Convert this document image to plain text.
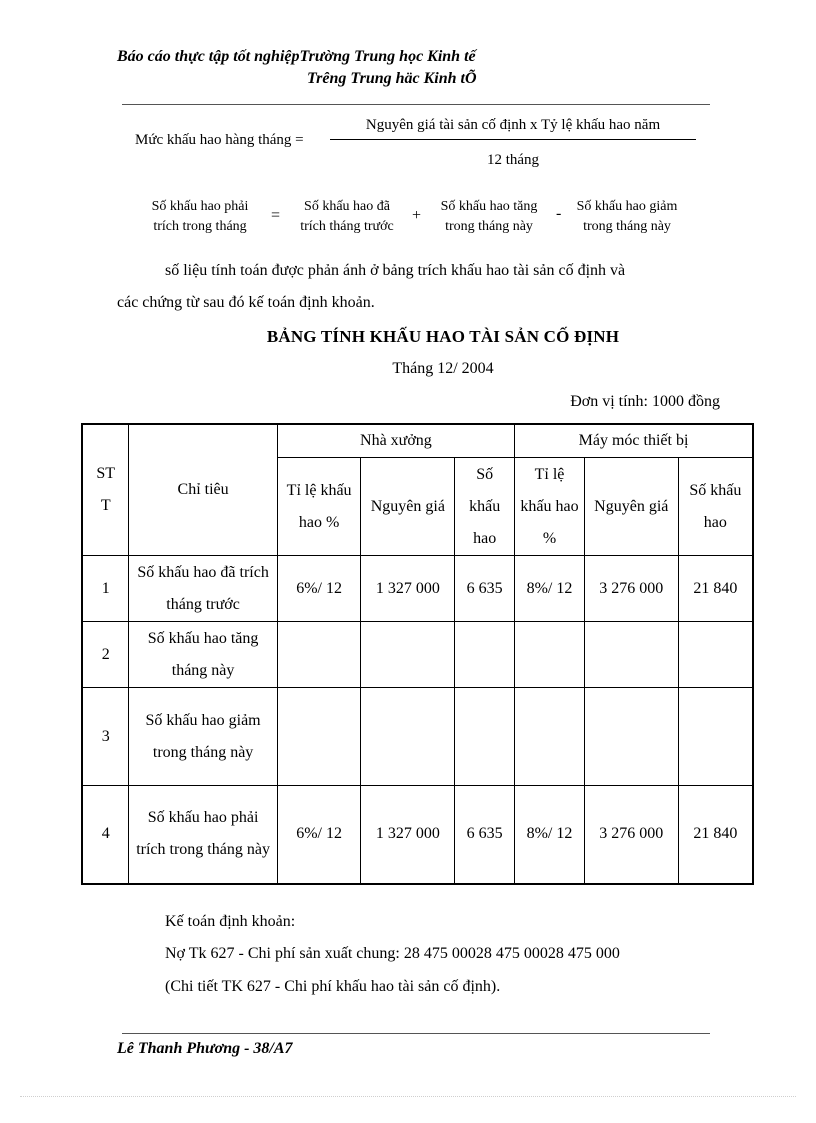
Báo cáo thực tập tốt nghiệpTrường Trung học Kinh tế
Trêng Trung häc Kinh tÕ
Mức khấu hao hàng tháng =
Nguyên giá tài sản cố định x Tỷ lệ khấu hao năm
12 tháng
Số khấu hao phải
trích trong tháng
=
Số khấu hao đã
trích tháng trước
+
Số khấu hao tăng
trong tháng này
-	Số khấu hao giảm
trong tháng này
số liệu tính toán được phản ánh ở bảng trích khấu hao tài sản cố định và
các chứng từ sau đó kế toán định khoản.
BẢNG TÍNH KHẤU HAO TÀI SẢN CỐ ĐỊNH
Tháng 12/ 2004
Đơn vị tính: 1000 đồng
ST T	Chỉ tiêu	Nhà xưởng			Máy móc thiết bị		
		Tỉ lệ khấu hao %	Nguyên giá	Số khấu hao	Tỉ lệ khấu hao %	Nguyên giá	Số khấu hao
1	Số khấu hao đã trích tháng trước	6%/ 12	1 327 000	6 635	8%/ 12	3 276 000	21 840
2	Số khấu hao tăng tháng này						
3	Số khấu hao giảm trong tháng này						
4	Số khấu hao phải trích trong tháng này	6%/ 12	1 327 000	6 635	8%/ 12	3 276 000	21 840
Kế toán định khoản:
Nợ Tk 627 - Chi phí sản xuất chung: 28 475 00028 475 00028 475 000
(Chi tiết TK 627 - Chi phí khấu hao tài sản cố định).
Lê Thanh Phương - 38/A7
